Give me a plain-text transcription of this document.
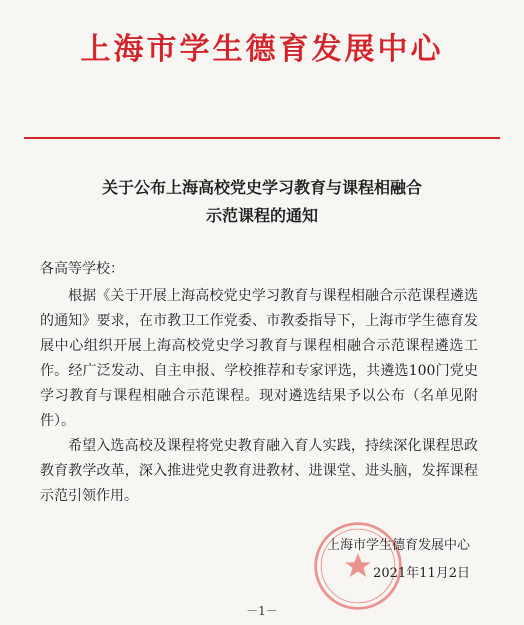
上海市学生德育发展中心
关于公布上海高校党史学习教育与课程相融合
示范课程的通知
各高等学校：

根据《关于开展上海高校党史学习教育与课程相融合示范课程遴选的通知》要求，在市教卫工作党委、市教委指导下，上海市学生德育发展中心组织开展上海高校党史学习教育与课程相融合示范课程遴选工作。经广泛发动、自主申报、学校推荐和专家评选，共遴选100门党史学习教育与课程相融合示范课程。现对遴选结果予以公布（名单见附件）。

希望入选高校及课程将党史教育融入育人实践，持续深化课程思政教育教学改革，深入推进党史教育进教材、进课堂、进头脑，发挥课程示范引领作用。

上海市学生德育发展中心
2021年11月2日
－1－
